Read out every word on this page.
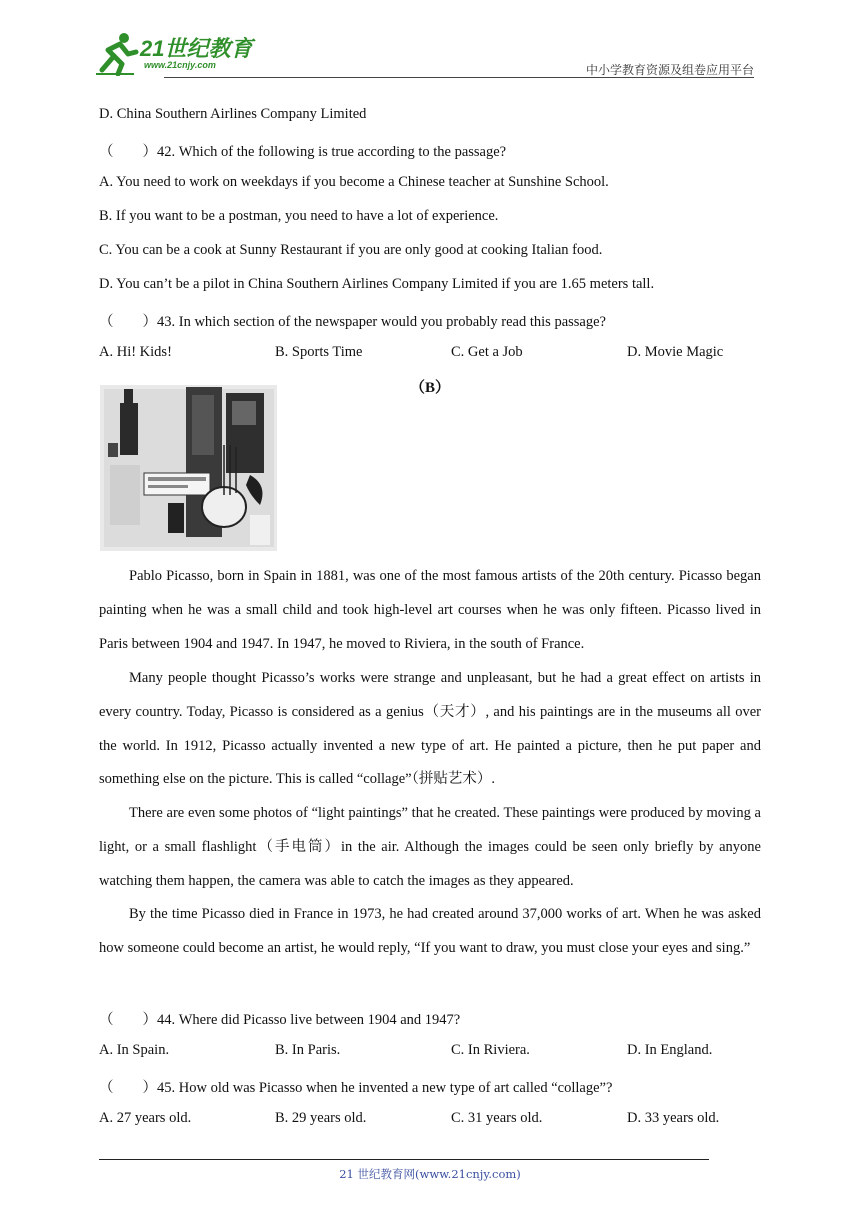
21世纪教育
www.21cnjy.com	中小学教育资源及组卷应用平台
D. China Southern Airlines Company Limited
（　　）42. Which of the following is true according to the passage?
A. You need to work on weekdays if you become a Chinese teacher at Sunshine School.
B. If you want to be a postman, you need to have a lot of experience.
C. You can be a cook at Sunny Restaurant if you are only good at cooking Italian food.
D. You can’t be a pilot in China Southern Airlines Company Limited if you are 1.65 meters tall.
（　　）43. In which section of the newspaper would you probably read this passage?
A. Hi! Kids!	B. Sports Time	C. Get a Job	D. Movie Magic
（B）
Pablo Picasso, born in Spain in 1881, was one of the most famous artists of the 20th century. Picasso began painting when he was a small child and took high-level art courses when he was only fifteen. Picasso lived in Paris between 1904 and 1947. In 1947, he moved to Riviera, in the south of France.
Many people thought Picasso’s works were strange and unpleasant, but he had a great effect on artists in every country. Today, Picasso is considered as a genius（天才）, and his paintings are in the museums all over the world. In 1912, Picasso actually invented a new type of art. He painted a picture, then he put paper and something else on the picture. This is called “collage”（拼贴艺术）.
There are even some photos of “light paintings” that he created. These paintings were produced by moving a light, or a small flashlight（手电筒）in the air. Although the images could be seen only briefly by anyone watching them happen, the camera was able to catch the images as they appeared.
By the time Picasso died in France in 1973, he had created around 37,000 works of art. When he was asked how someone could become an artist, he would reply, “If you want to draw, you must close your eyes and sing.”
（　　）44. Where did Picasso live between 1904 and 1947?
A. In Spain.	B. In Paris.	C. In Riviera.	D. In England.
（　　）45. How old was Picasso when he invented a new type of art called “collage”?
A. 27 years old.	B. 29 years old.	C. 31 years old.	D. 33 years old.
21 世纪教育网(www.21cnjy.com)
